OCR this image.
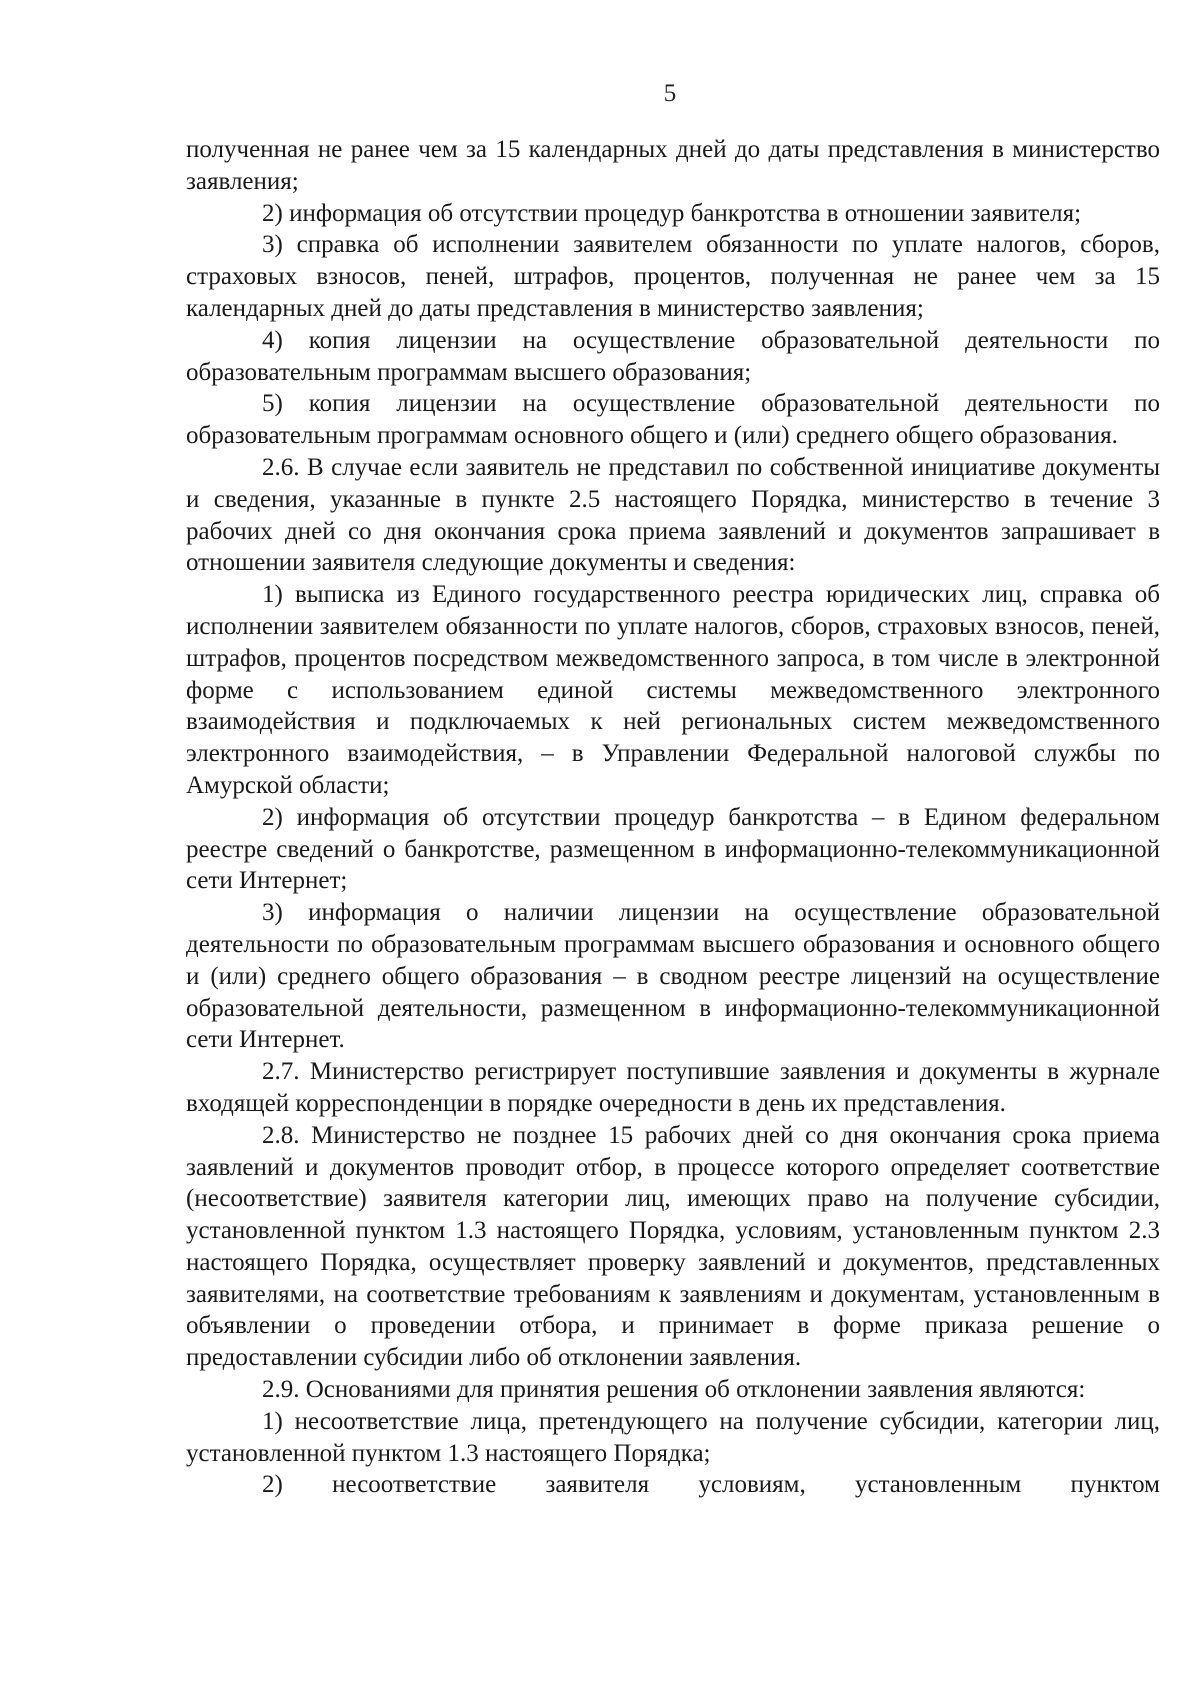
5

полученная не ранее чем за 15 календарных дней до даты представления в министерство заявления;

2) информация об отсутствии процедур банкротства в отношении заявителя;

3) справка об исполнении заявителем обязанности по уплате налогов, сборов, страховых взносов, пеней, штрафов, процентов, полученная не ранее чем за 15 календарных дней до даты представления в министерство заявления;

4) копия лицензии на осуществление образовательной деятельности по образовательным программам высшего образования;

5) копия лицензии на осуществление образовательной деятельности по образовательным программам основного общего и (или) среднего общего образования.

2.6. В случае если заявитель не представил по собственной инициативе документы и сведения, указанные в пункте 2.5 настоящего Порядка, министерство в течение 3 рабочих дней со дня окончания срока приема заявлений и документов запрашивает в отношении заявителя следующие документы и сведения:

1) выписка из Единого государственного реестра юридических лиц, справка об исполнении заявителем обязанности по уплате налогов, сборов, страховых взносов, пеней, штрафов, процентов посредством межведомственного запроса, в том числе в электронной форме с использованием единой системы межведомственного электронного взаимодействия и подключаемых к ней региональных систем межведомственного электронного взаимодействия, – в Управлении Федеральной налоговой службы по Амурской области;

2) информация об отсутствии процедур банкротства – в Едином федеральном реестре сведений о банкротстве, размещенном в информационно-телекоммуникационной сети Интернет;

3) информация о наличии лицензии на осуществление образовательной деятельности по образовательным программам высшего образования и основного общего и (или) среднего общего образования – в сводном реестре лицензий на осуществление образовательной деятельности, размещенном в информационно-телекоммуникационной сети Интернет.

2.7. Министерство регистрирует поступившие заявления и документы в журнале входящей корреспонденции в порядке очередности в день их представления.

2.8. Министерство не позднее 15 рабочих дней со дня окончания срока приема заявлений и документов проводит отбор, в процессе которого определяет соответствие (несоответствие) заявителя категории лиц, имеющих право на получение субсидии, установленной пунктом 1.3 настоящего Порядка, условиям, установленным пунктом 2.3 настоящего Порядка, осуществляет проверку заявлений и документов, представленных заявителями, на соответствие требованиям к заявлениям и документам, установленным в объявлении о проведении отбора, и принимает в форме приказа решение о предоставлении субсидии либо об отклонении заявления.

2.9. Основаниями для принятия решения об отклонении заявления являются:

1) несоответствие лица, претендующего на получение субсидии, категории лиц, установленной пунктом 1.3 настоящего Порядка;

2) несоответствие заявителя условиям, установленным пунктом
